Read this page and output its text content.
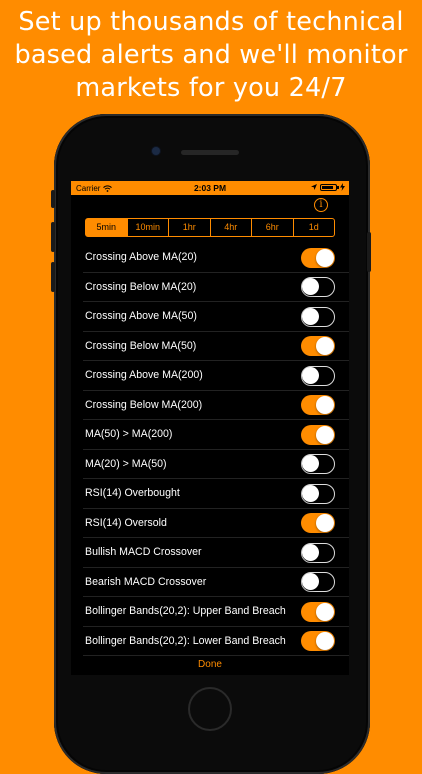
Set up thousands of technical
based alerts and we'll monitor
markets for you 24/7
Carrier	2:03 PM
i
5min	10min	1hr	4hr	6hr	1d
Crossing Above MA(20)
Crossing Below MA(20)
Crossing Above MA(50)
Crossing Below MA(50)
Crossing Above MA(200)
Crossing Below MA(200)
MA(50) > MA(200)
MA(20) > MA(50)
RSI(14) Overbought
RSI(14) Oversold
Bullish MACD Crossover
Bearish MACD Crossover
Bollinger Bands(20,2): Upper Band Breach
Bollinger Bands(20,2): Lower Band Breach
Done
